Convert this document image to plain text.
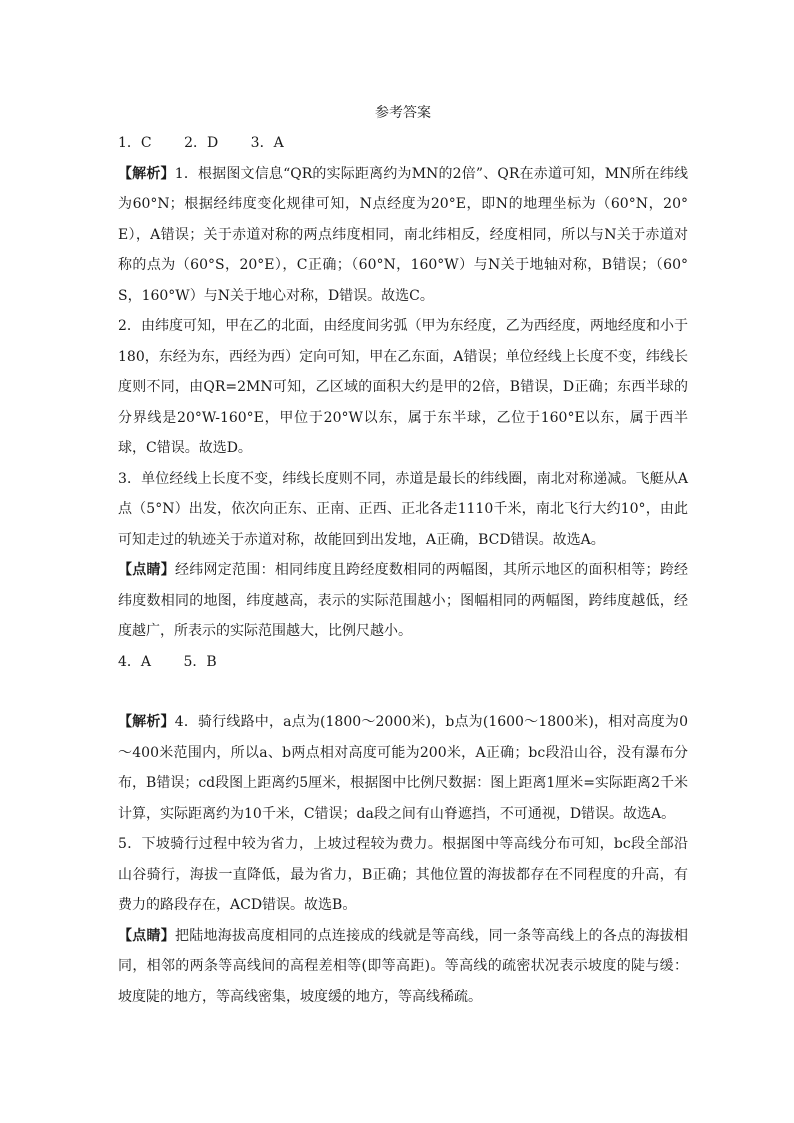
参考答案
1．C 2．D 3．A

【解析】1．根据图文信息“QR的实际距离约为MN的2倍”、QR在赤道可知，MN所在纬线为60°N；根据经纬度变化规律可知，N点经度为20°E，即N的地理坐标为（60°N，20°E），A错误；关于赤道对称的两点纬度相同，南北纬相反，经度相同，所以与N关于赤道对称的点为（60°S，20°E），C正确；（60°N，160°W）与N关于地轴对称，B错误；（60°S，160°W）与N关于地心对称，D错误。故选C。

2．由纬度可知，甲在乙的北面，由经度间劣弧（甲为东经度，乙为西经度，两地经度和小于180，东经为东，西经为西）定向可知，甲在乙东面，A错误；单位经线上长度不变，纬线长度则不同，由QR=2MN可知，乙区域的面积大约是甲的2倍，B错误，D正确；东西半球的分界线是20°W-160°E，甲位于20°W以东，属于东半球，乙位于160°E以东，属于西半球，C错误。故选D。

3．单位经线上长度不变，纬线长度则不同，赤道是最长的纬线圈，南北对称递减。飞艇从A点（5°N）出发，依次向正东、正南、正西、正北各走1110千米，南北飞行大约10°，由此可知走过的轨迹关于赤道对称，故能回到出发地，A正确，BCD错误。故选A。

【点睛】经纬网定范围：相同纬度且跨经度数相同的两幅图，其所示地区的面积相等；跨经纬度数相同的地图，纬度越高，表示的实际范围越小；图幅相同的两幅图，跨纬度越低，经度越广，所表示的实际范围越大，比例尺越小。

4．A 5．B

【解析】4．骑行线路中，a点为(1800～2000米)，b点为(1600～1800米)，相对高度为0～400米范围内，所以a、b两点相对高度可能为200米，A正确；bc段沿山谷，没有瀑布分布，B错误；cd段图上距离约5厘米，根据图中比例尺数据：图上距离1厘米=实际距离2千米计算，实际距离约为10千米，C错误；da段之间有山脊遮挡，不可通视，D错误。故选A。

5．下坡骑行过程中较为省力，上坡过程较为费力。根据图中等高线分布可知，bc段全部沿山谷骑行，海拔一直降低，最为省力，B正确；其他位置的海拔都存在不同程度的升高，有费力的路段存在，ACD错误。故选B。

【点睛】把陆地海拔高度相同的点连接成的线就是等高线，同一条等高线上的各点的海拔相同，相邻的两条等高线间的高程差相等(即等高距)。等高线的疏密状况表示坡度的陡与缓：坡度陡的地方，等高线密集，坡度缓的地方，等高线稀疏。
